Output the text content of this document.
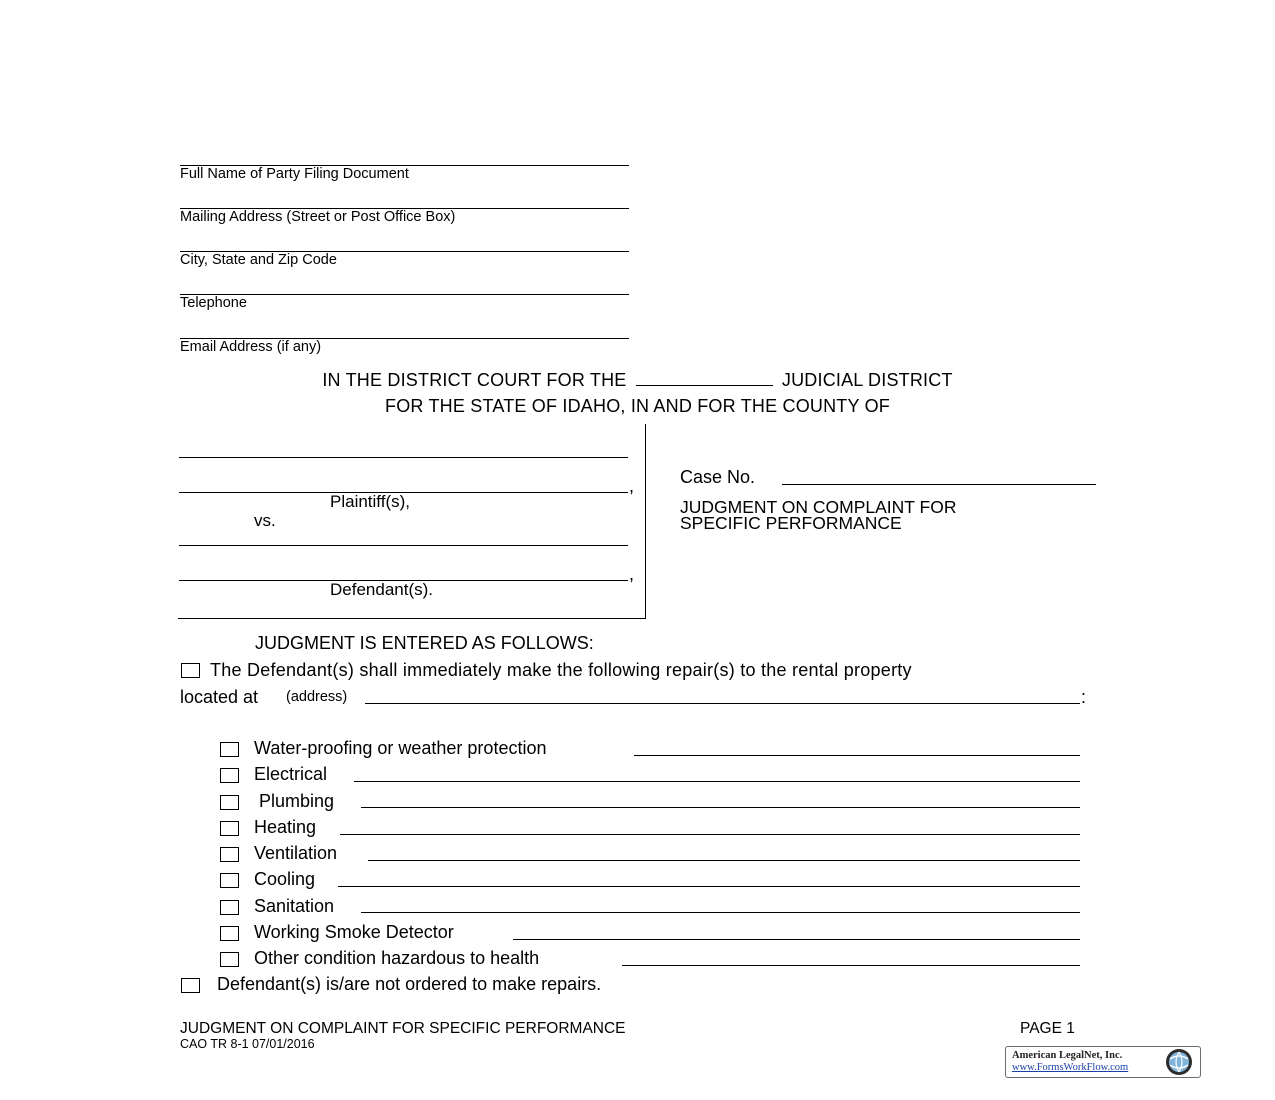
Full Name of Party Filing Document
Mailing Address (Street or Post Office Box)
City, State and Zip Code
Telephone
Email Address (if any)
IN THE DISTRICT COURT FOR THE	JUDICIAL DISTRICT
FOR THE STATE OF IDAHO, IN AND FOR THE COUNTY OF
,
Plaintiff(s),
vs.
,
Defendant(s).
Case No.
JUDGMENT ON COMPLAINT FOR
SPECIFIC PERFORMANCE
JUDGMENT IS ENTERED AS FOLLOWS:
The Defendant(s) shall immediately make the following repair(s) to the rental property
located at (address)	:
Water-proofing or weather protection
Electrical
Plumbing
Heating
Ventilation
Cooling
Sanitation
Working Smoke Detector
Other condition hazardous to health
Defendant(s) is/are not ordered to make repairs.
JUDGMENT ON COMPLAINT FOR SPECIFIC PERFORMANCE	PAGE 1
CAO TR 8-1 07/01/2016
American LegalNet, Inc.
www.FormsWorkFlow.com
